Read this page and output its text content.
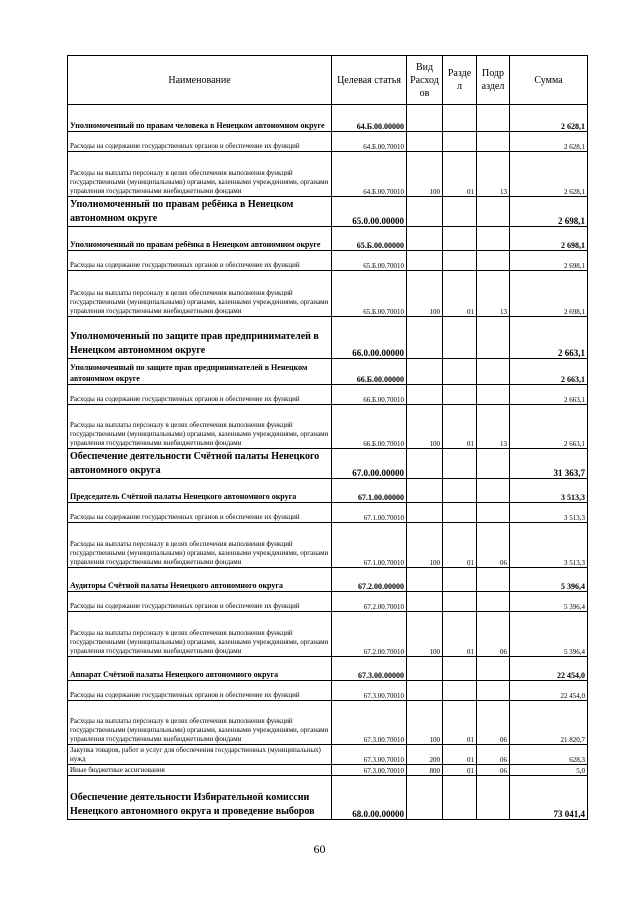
Наименование	Целевая статья	Вид Расход ов	Разде л	Подр аздел	Сумма
Уполномоченный по правам человека в Ненецком автономном округе	64.Б.00.00000				2 628,1
Расходы на содержание государственных органов и обеспечение их функций	64.Б.00.70010				2 628,1
Расходы на выплаты персоналу в целях обеспечения выполнения функций государственными (муниципальными) органами, казенными учреждениями, органами управления государственными внебюджетными фондами	64.Б.00.70010	100	01	13	2 628,1
Уполномоченный по правам ребёнка в Ненецком автономном округе	65.0.00.00000				2 698,1
Уполномоченный по правам ребёнка в Ненецком автономном округе	65.Б.00.00000				2 698,1
Расходы на содержание государственных органов и обеспечение их функций	65.Б.00.70010				2 698,1
Расходы на выплаты персоналу в целях обеспечения выполнения функций государственными (муниципальными) органами, казенными учреждениями, органами управления государственными внебюджетными фондами	65.Б.00.70010	100	01	13	2 698,1
Уполномоченный по защите прав предпринимателей в Ненецком автономном округе	66.0.00.00000				2 663,1
Уполномоченный по защите прав предпринимателей в Ненецком автономном округе	66.Б.00.00000				2 663,1
Расходы на содержание государственных органов и обеспечение их функций	66.Б.00.70010				2 663,1
Расходы на выплаты персоналу в целях обеспечения выполнения функций государственными (муниципальными) органами, казенными учреждениями, органами управления государственными внебюджетными фондами	66.Б.00.70010	100	01	13	2 663,1
Обеспечение деятельности Счётной палаты Ненецкого автономного округа	67.0.00.00000				31 363,7
Председатель Счётной палаты Ненецкого автономного округа	67.1.00.00000				3 513,3
Расходы на содержание государственных органов и обеспечение их функций	67.1.00.70010				3 513,3
Расходы на выплаты персоналу в целях обеспечения выполнения функций государственными (муниципальными) органами, казенными учреждениями, органами управления государственными внебюджетными фондами	67.1.00.70010	100	01	06	3 513,3
Аудиторы Счётной палаты Ненецкого автономного округа	67.2.00.00000				5 396,4
Расходы на содержание государственных органов и обеспечение их функций	67.2.00.70010				5 396,4
Расходы на выплаты персоналу в целях обеспечения выполнения функций государственными (муниципальными) органами, казенными учреждениями, органами управления государственными внебюджетными фондами	67.2.00.70010	100	01	06	5 396,4
Аппарат Счётной палаты Ненецкого автономного округа	67.3.00.00000				22 454,0
Расходы на содержание государственных органов и обеспечение их функций	67.3.00.70010				22 454,0
Расходы на выплаты персоналу в целях обеспечения выполнения функций государственными (муниципальными) органами, казенными учреждениями, органами управления государственными внебюджетными фондами	67.3.00.70010	100	01	06	21 820,7
Закупка товаров, работ и услуг для обеспечения государственных (муниципальных) нужд	67.3.00.70010	200	01	06	628,3
Иные бюджетные ассигнования	67.3.00.70010	800	01	06	5,0
Обеспечение деятельности Избирательной комиссии Ненецкого автономного округа и проведение выборов	68.0.00.00000				73 041,4
60
